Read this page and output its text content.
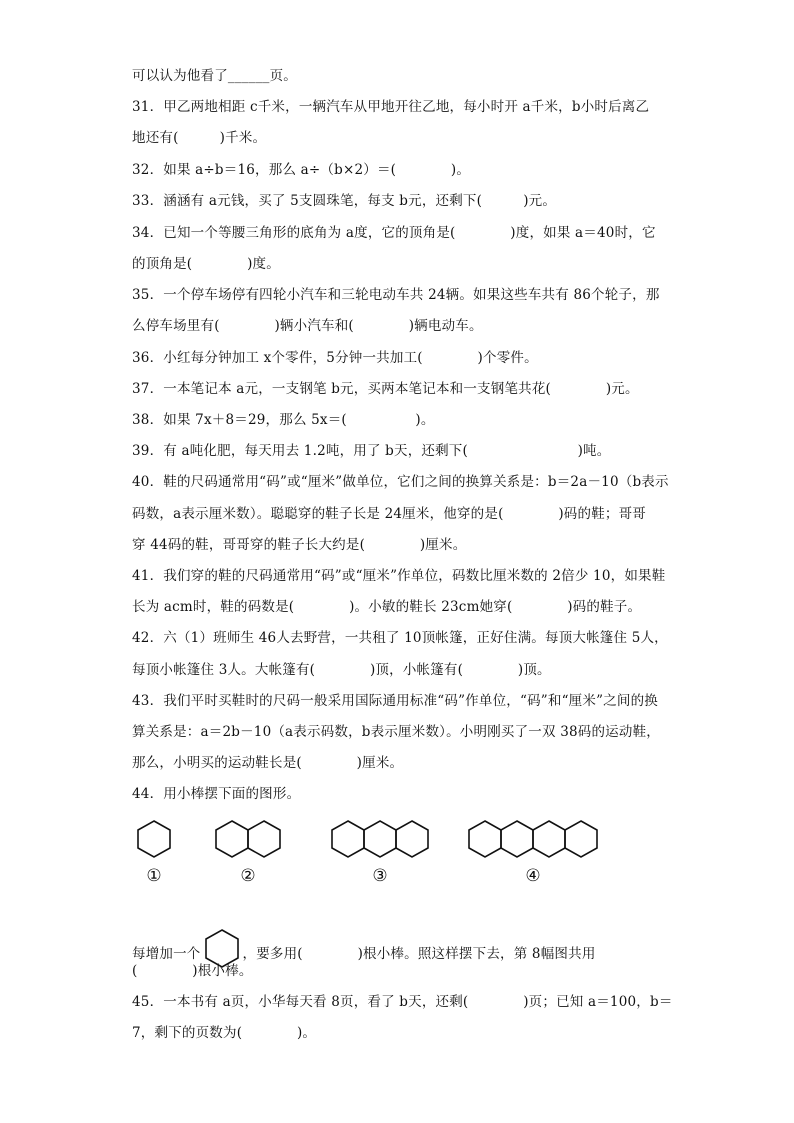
可以认为他看了______页。
31．甲乙两地相距 c千米，一辆汽车从甲地开往乙地，每小时开 a千米，b小时后离乙
地还有(　　　)千米。
32．如果 a÷b＝16，那么 a÷（b×2）＝(　　　　)。
33．涵涵有 a元钱，买了 5支圆珠笔，每支 b元，还剩下(　　　)元。
34．已知一个等腰三角形的底角为 a度，它的顶角是(　　　　)度，如果 a＝40时，它
的顶角是(　　　　)度。
35．一个停车场停有四轮小汽车和三轮电动车共 24辆。如果这些车共有 86个轮子，那
么停车场里有(　　　　)辆小汽车和(　　　　)辆电动车。
36．小红每分钟加工 x个零件，5分钟一共加工(　　　　)个零件。
37．一本笔记本 a元，一支钢笔 b元，买两本笔记本和一支钢笔共花(　　　　)元。
38．如果 7x＋8＝29，那么 5x＝(　　　　　)。
39．有 a吨化肥，每天用去 1.2吨，用了 b天，还剩下(　　　　　　　　)吨。
40．鞋的尺码通常用“码”或“厘米”做单位，它们之间的换算关系是：b＝2a－10（b表示
码数，a表示厘米数）。聪聪穿的鞋子长是 24厘米，他穿的是(　　　　)码的鞋；哥哥
穿 44码的鞋，哥哥穿的鞋子长大约是(　　　　)厘米。
41．我们穿的鞋的尺码通常用“码”或“厘米”作单位，码数比厘米数的 2倍少 10，如果鞋
长为 acm时，鞋的码数是(　　　　)。小敏的鞋长 23cm她穿(　　　　)码的鞋子。
42．六（1）班师生 46人去野营，一共租了 10顶帐篷，正好住满。每顶大帐篷住 5人，
每顶小帐篷住 3人。大帐篷有(　　　　)顶，小帐篷有(　　　　)顶。
43．我们平时买鞋时的尺码一般采用国际通用标准“码”作单位，“码”和“厘米”之间的换
算关系是：a＝2b－10（a表示码数，b表示厘米数）。小明刚买了一双 38码的运动鞋，
那么，小明买的运动鞋长是(　　　　)厘米。
44．用小棒摆下面的图形。
①	②	③	④
每增加一个	，要多用(　　　　)根小棒。照这样摆下去，第 8幅图共用
(　　　　)根小棒。
45．一本书有 a页，小华每天看 8页，看了 b天，还剩(　　　　)页；已知 a＝100，b＝
7，剩下的页数为(　　　　)。
